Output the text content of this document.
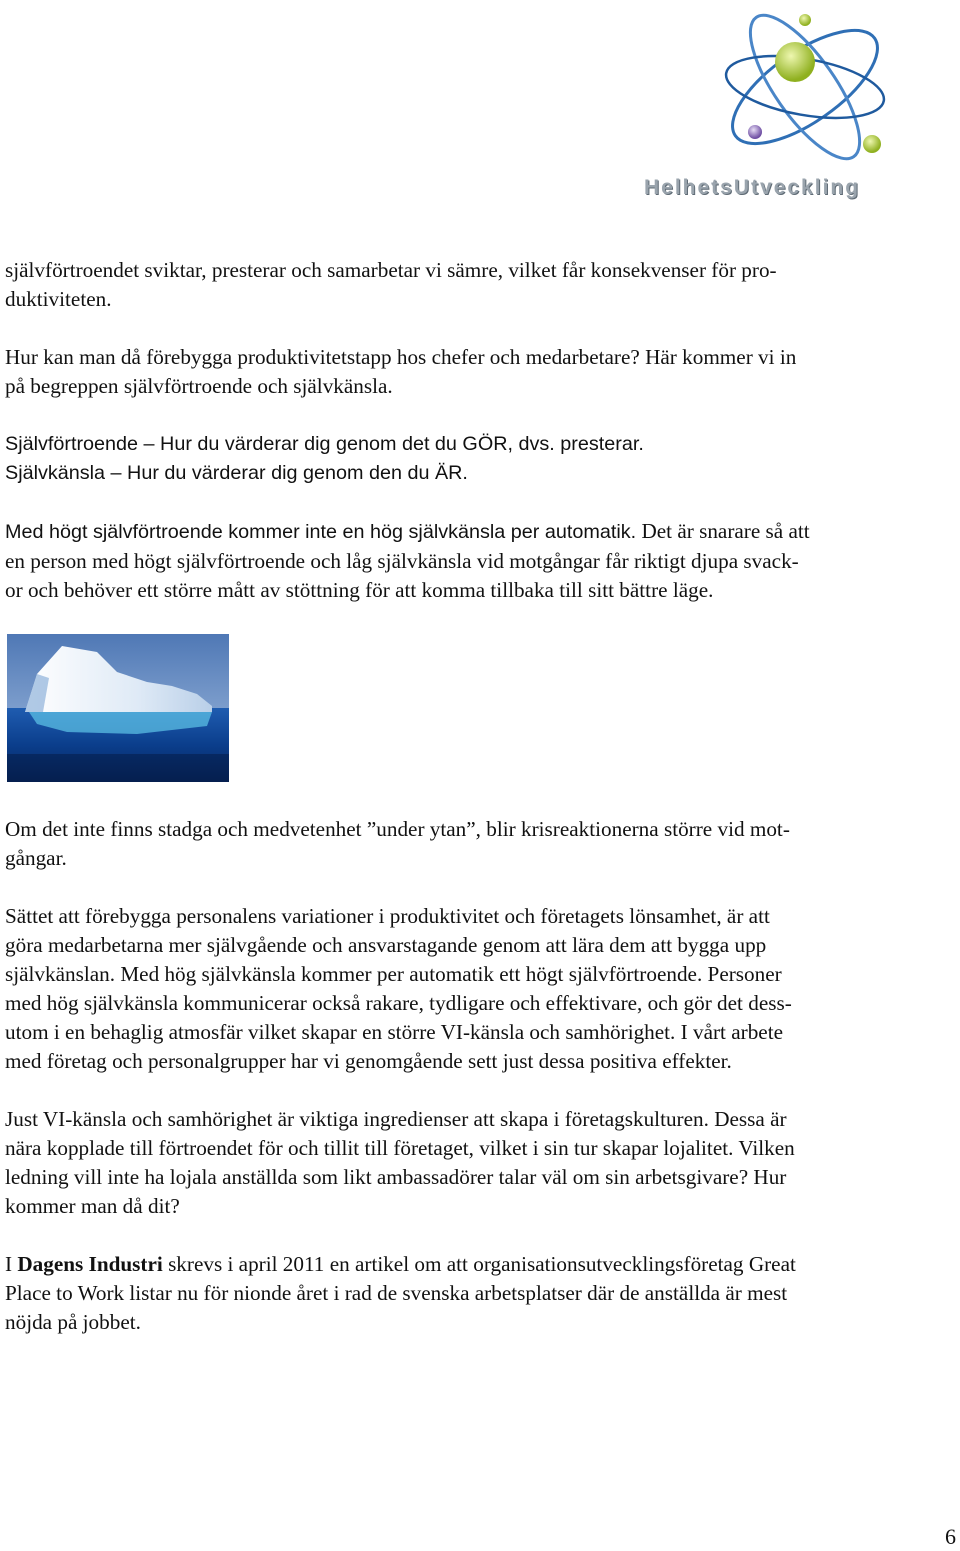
HelhetsUtveckling

självförtroendet sviktar, presterar och samarbetar vi sämre, vilket får konsekvenser för pro-
duktiviteten.

Hur kan man då förebygga produktivitetstapp hos chefer och medarbetare? Här kommer vi in
på begreppen självförtroende och självkänsla.

Självförtroende – Hur du värderar dig genom det du GÖR, dvs. presterar.

Självkänsla – Hur du värderar dig genom den du ÄR.

Med högt självförtroende kommer inte en hög självkänsla per automatik. Det är snarare så att
en person med högt självförtroende och låg självkänsla vid motgångar får riktigt djupa svack-
or och behöver ett större mått av stöttning för att komma tillbaka till sitt bättre läge.

Om det inte finns stadga och medvetenhet ”under ytan”, blir krisreaktionerna större vid mot-
gångar.

Sättet att förebygga personalens variationer i produktivitet och företagets lönsamhet, är att
göra medarbetarna mer självgående och ansvarstagande genom att lära dem att bygga upp
självkänslan. Med hög självkänsla kommer per automatik ett högt självförtroende. Personer
med hög självkänsla kommunicerar också rakare, tydligare och effektivare, och gör det dess-
utom i en behaglig atmosfär vilket skapar en större VI-känsla och samhörighet. I vårt arbete
med företag och personalgrupper har vi genomgående sett just dessa positiva effekter.

Just VI-känsla och samhörighet är viktiga ingredienser att skapa i företagskulturen. Dessa är
nära kopplade till förtroendet för och tillit till företaget, vilket i sin tur skapar lojalitet. Vilken
ledning vill inte ha lojala anställda som likt ambassadörer talar väl om sin arbetsgivare? Hur
kommer man då dit?

I Dagens Industri skrevs i april 2011 en artikel om att organisationsutvecklingsföretag Great
Place to Work listar nu för nionde året i rad de svenska arbetsplatser där de anställda är mest
nöjda på jobbet.

6
